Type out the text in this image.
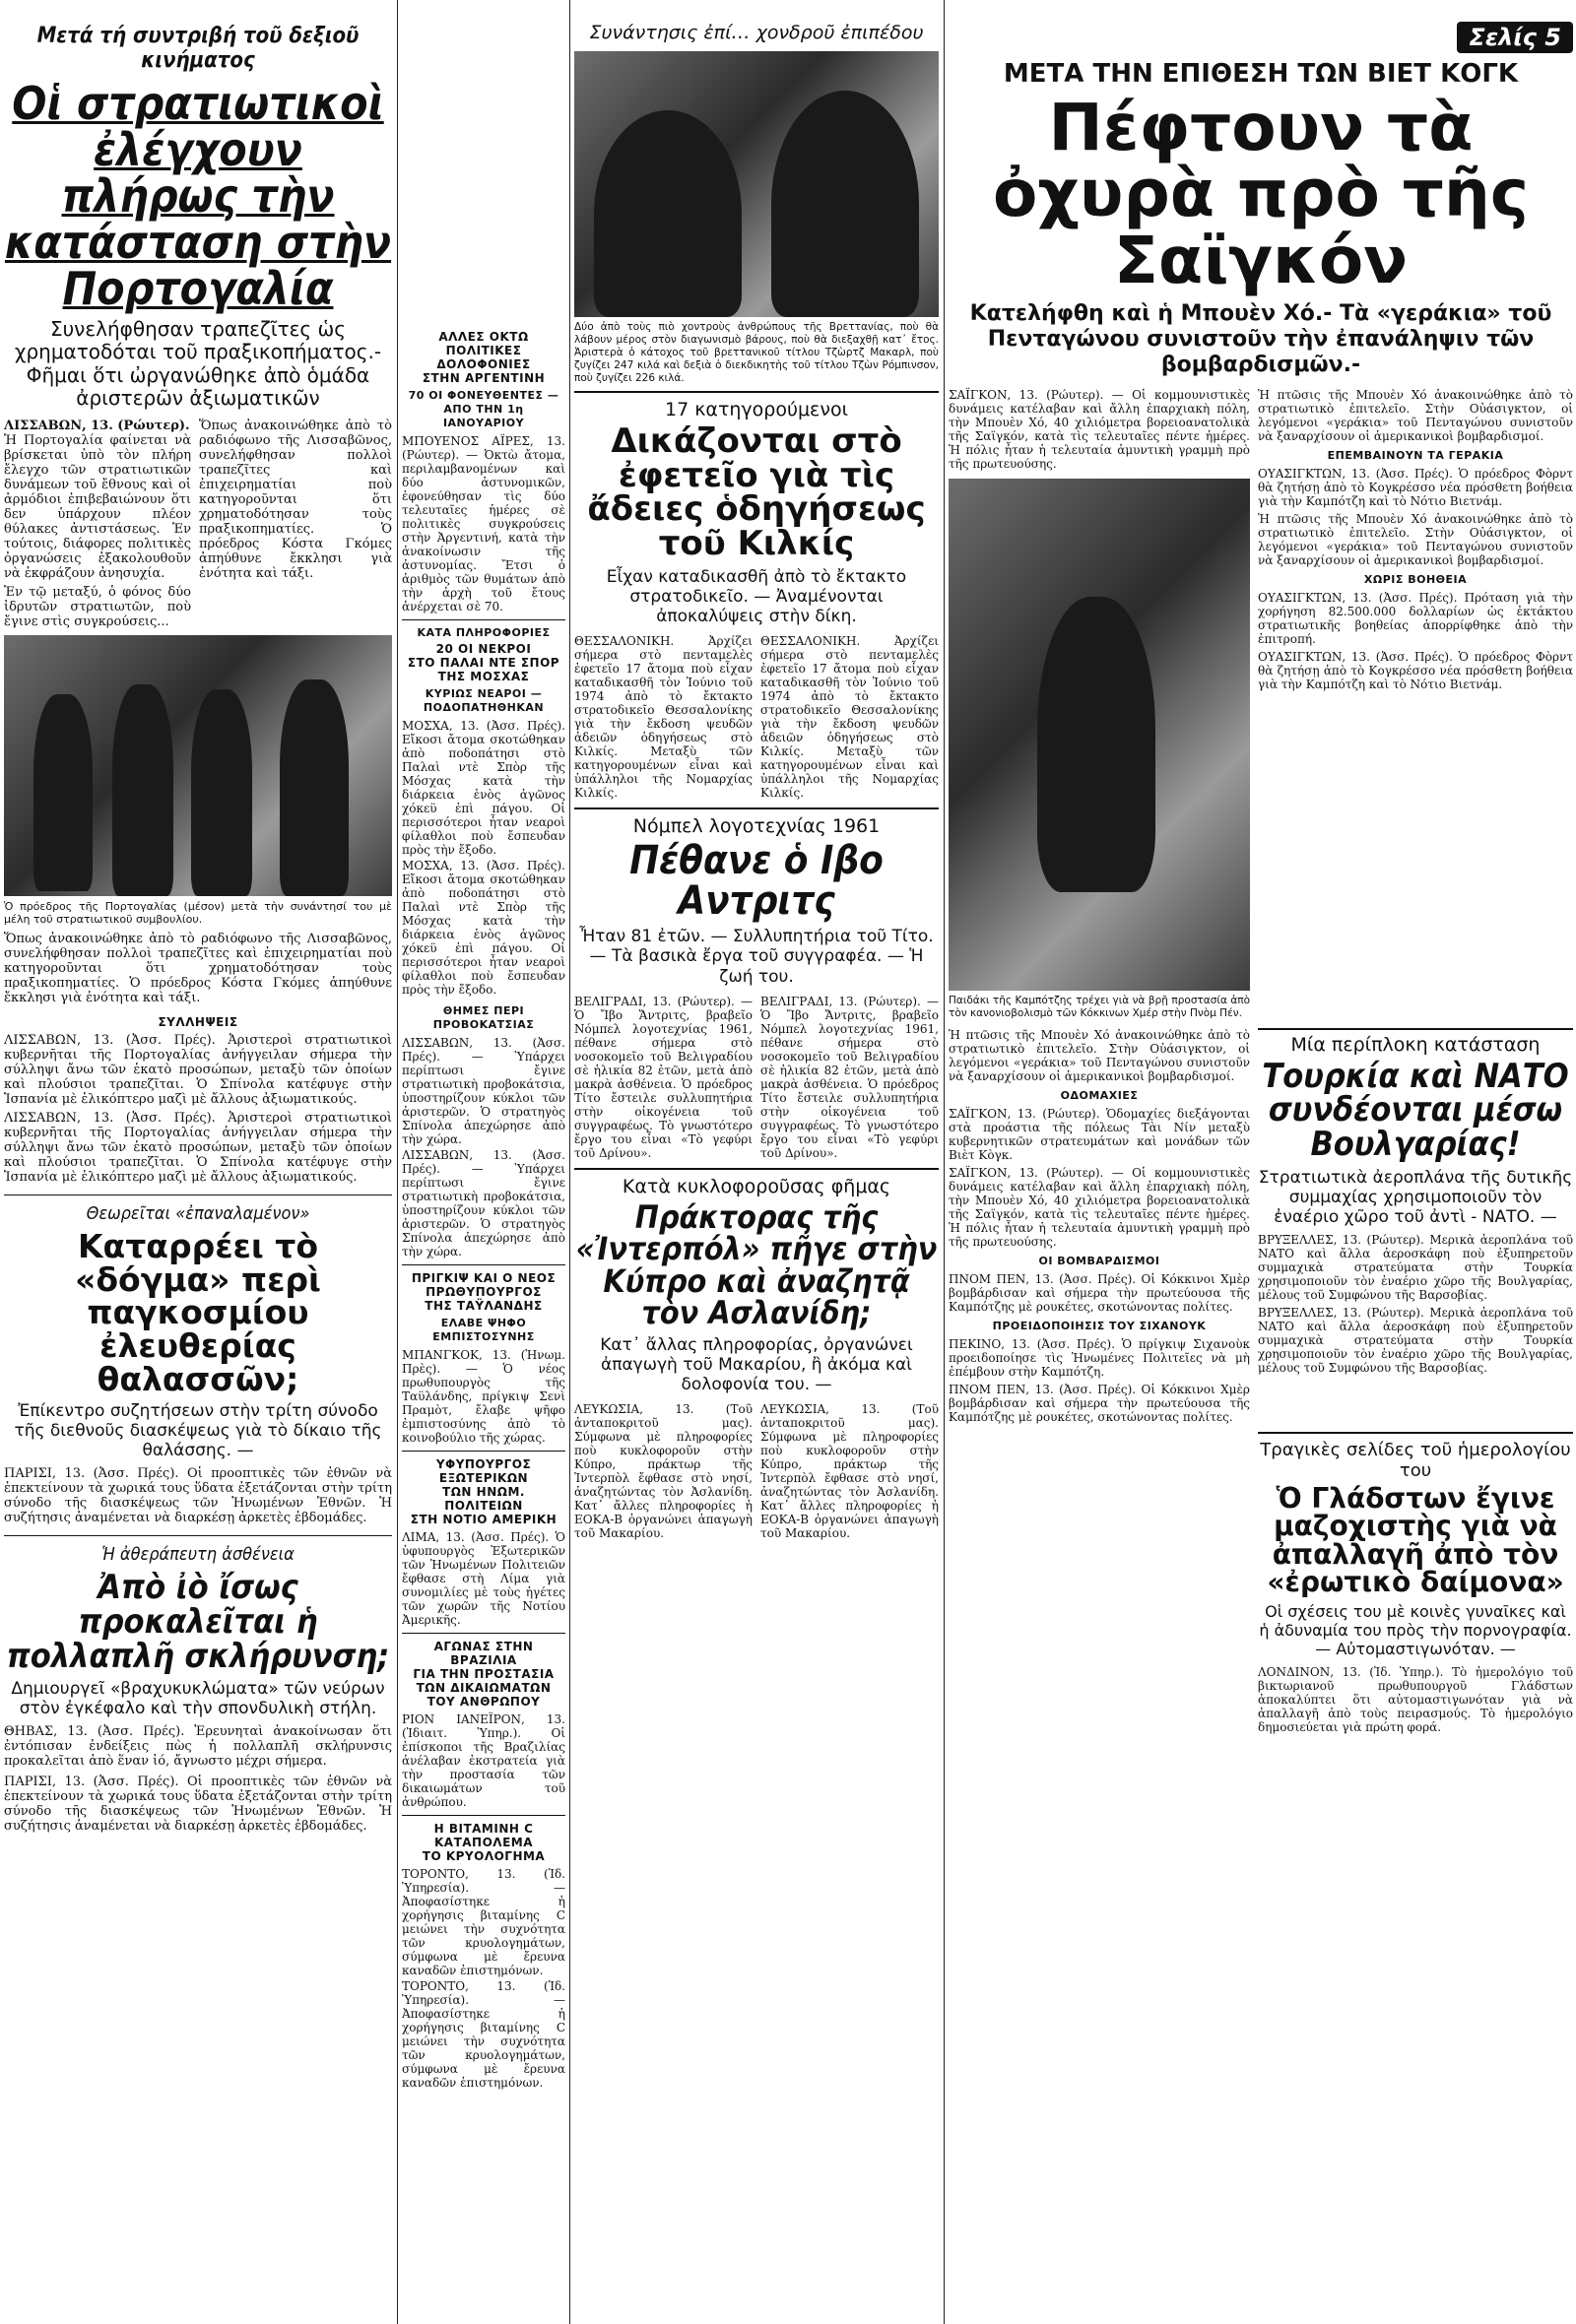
Μετά τή συντριβή τοῦ δεξιοῦ κινήματος
Οἱ στρατιωτικοὶ ἐλέγχουν πλήρως τὴν κατάσταση στὴν Πορτογαλία
Συνελήφθησαν τραπεζῖτες ὡς χρηματοδόται τοῦ πραξικοπήματος.- Φῆμαι ὅτι ὠργανώθηκε ἀπὸ ὁμάδα ἀριστερῶν ἀξιωματικῶν
ΛΙΣΣΑΒΩΝ, 13. (Ρώυτερ).
Ἡ Πορτογαλία φαίνεται νὰ βρίσκεται ὑπὸ τὸν πλήρη ἔλεγχο τῶν στρατιωτικῶν δυνάμεων τοῦ ἔθνους καὶ οἱ ἀρμόδιοι ἐπιβεβαιώνουν ὅτι δεν ὑπάρχουν πλέον θύλακες ἀντιστάσεως. Ἐν τούτοις, διάφορες πολιτικὲς ὀργανώσεις ἐξακολουθοῦν νὰ ἐκφράζουν ἀνησυχία.
Ἐν τῷ μεταξύ, ὁ φόνος δύο ἱδρυτῶν στρατιωτῶν, ποὺ ἔγινε στὶς συγκρούσεις...
Ὅπως ἀνακοινώθηκε ἀπὸ τὸ ραδιόφωνο τῆς Λισσαβῶνος, συνελήφθησαν πολλοὶ τραπεζῖτες καὶ ἐπιχειρηματίαι ποὺ κατηγοροῦνται ὅτι χρηματοδότησαν τοὺς πραξικοπηματίες. Ὁ πρόεδρος Κόστα Γκόμες ἀπηύθυνε ἔκκλησι γιὰ ἐνότητα καὶ τάξι.
Ὁ πρόεδρος τῆς Πορτογαλίας (μέσον) μετὰ τὴν συνάντησί του μὲ μέλη τοῦ στρατιωτικοῦ συμβουλίου.
Ὅπως ἀνακοινώθηκε ἀπὸ τὸ ραδιόφωνο τῆς Λισσαβῶνος, συνελήφθησαν πολλοὶ τραπεζῖτες καὶ ἐπιχειρηματίαι ποὺ κατηγοροῦνται ὅτι χρηματοδότησαν τοὺς πραξικοπηματίες. Ὁ πρόεδρος Κόστα Γκόμες ἀπηύθυνε ἔκκλησι γιὰ ἐνότητα καὶ τάξι.
ΣΥΛΛΗΨΕΙΣ
ΛΙΣΣΑΒΩΝ, 13. (Ἀσσ. Πρές). Ἀριστεροὶ στρατιωτικοὶ κυβερνῆται τῆς Πορτογαλίας ἀνήγγειλαν σήμερα τὴν σύλληψι ἄνω τῶν ἑκατὸ προσώπων, μεταξὺ τῶν ὁποίων καὶ πλούσιοι τραπεζῖται. Ὁ Σπίνολα κατέφυγε στὴν Ἱσπανία μὲ ἑλικόπτερο μαζὶ μὲ ἄλλους ἀξιωματικούς.
ΛΙΣΣΑΒΩΝ, 13. (Ἀσσ. Πρές). Ἀριστεροὶ στρατιωτικοὶ κυβερνῆται τῆς Πορτογαλίας ἀνήγγειλαν σήμερα τὴν σύλληψι ἄνω τῶν ἑκατὸ προσώπων, μεταξὺ τῶν ὁποίων καὶ πλούσιοι τραπεζῖται. Ὁ Σπίνολα κατέφυγε στὴν Ἱσπανία μὲ ἑλικόπτερο μαζὶ μὲ ἄλλους ἀξιωματικούς.
Θεωρεῖται «ἐπαναλαμένον»
Καταρρέει τὸ «δόγμα» περὶ παγκοσμίου ἐλευθερίας θαλασσῶν;
Ἐπίκεντρο συζητήσεων στὴν τρίτη σύνοδο τῆς διεθνοῦς διασκέψεως γιὰ τὸ δίκαιο τῆς θαλάσσης. —
ΠΑΡΙΣΙ, 13. (Ἀσσ. Πρές). Οἱ προοπτικὲς τῶν ἐθνῶν νὰ ἐπεκτείνουν τὰ χωρικά τους ὕδατα ἐξετάζονται στὴν τρίτη σύνοδο τῆς διασκέψεως τῶν Ἡνωμένων Ἐθνῶν. Ἡ συζήτησις ἀναμένεται νὰ διαρκέσῃ ἀρκετὲς ἑβδομάδες.
Ἡ ἀθεράπευτη ἀσθένεια
Ἀπὸ ἰὸ ἴσως προκαλεῖται ἡ πολλαπλῆ σκλήρυνση;
Δημιουργεῖ «βραχυκυκλώματα» τῶν νεύρων στὸν ἐγκέφαλο καὶ τὴν σπονδυλικὴ στήλη.
ΘΗΒΑΣ, 13. (Ἀσσ. Πρές). Ἐρευνηταὶ ἀνακοίνωσαν ὅτι ἐντόπισαν ἐνδείξεις πὼς ἡ πολλαπλῆ σκλήρυνσις προκαλεῖται ἀπὸ ἕναν ἰό, ἄγνωστο μέχρι σήμερα.
ΠΑΡΙΣΙ, 13. (Ἀσσ. Πρές). Οἱ προοπτικὲς τῶν ἐθνῶν νὰ ἐπεκτείνουν τὰ χωρικά τους ὕδατα ἐξετάζονται στὴν τρίτη σύνοδο τῆς διασκέψεως τῶν Ἡνωμένων Ἐθνῶν. Ἡ συζήτησις ἀναμένεται νὰ διαρκέσῃ ἀρκετὲς ἑβδομάδες.
ΑΛΛΕΣ ΟΚΤΩ
ΠΟΛΙΤΙΚΕΣ
ΔΟΛΟΦΟΝΙΕΣ
ΣΤΗΝ ΑΡΓΕΝΤΙΝΗ
70 ΟΙ ΦΟΝΕΥΘΕΝΤΕΣ — ΑΠΟ ΤΗΝ 1η ΙΑΝΟΥΑΡΙΟΥ
ΜΠΟΥΕΝΟΣ ΑΪΡΕΣ, 13. (Ρώυτερ). — Ὀκτὼ ἄτομα, περιλαμβανομένων καὶ δύο ἀστυνομικῶν, ἐφονεύθησαν τὶς δύο τελευταῖες ἡμέρες σὲ πολιτικὲς συγκρούσεις στὴν Ἀργεντινή, κατὰ τὴν ἀνακοίνωσιν τῆς ἀστυνομίας. Ἔτσι ὁ ἀριθμὸς τῶν θυμάτων ἀπὸ τὴν ἀρχὴ τοῦ ἔτους ἀνέρχεται σὲ 70.
ΚΑΤΑ ΠΛΗΡΟΦΟΡΙΕΣ
20 ΟΙ ΝΕΚΡΟΙ
ΣΤΟ ΠΑΛΑΙ ΝΤΕ ΣΠΟΡ
ΤΗΣ ΜΟΣΧΑΣ
ΚΥΡΙΩΣ ΝΕΑΡΟΙ — ΠΟΔΟΠΑΤΗΘΗΚΑΝ
ΜΟΣΧΑ, 13. (Ἀσσ. Πρές). Εἴκοσι ἄτομα σκοτώθηκαν ἀπὸ ποδοπάτησι στὸ Παλαὶ ντὲ Σπὸρ τῆς Μόσχας κατὰ τὴν διάρκεια ἑνὸς ἀγῶνος χόκεϋ ἐπὶ πάγου. Οἱ περισσότεροι ἦταν νεαροὶ φίλαθλοι ποὺ ἔσπευδαν πρὸς τὴν ἔξοδο.
ΜΟΣΧΑ, 13. (Ἀσσ. Πρές). Εἴκοσι ἄτομα σκοτώθηκαν ἀπὸ ποδοπάτησι στὸ Παλαὶ ντὲ Σπὸρ τῆς Μόσχας κατὰ τὴν διάρκεια ἑνὸς ἀγῶνος χόκεϋ ἐπὶ πάγου. Οἱ περισσότεροι ἦταν νεαροὶ φίλαθλοι ποὺ ἔσπευδαν πρὸς τὴν ἔξοδο.
ΘΗΜΕΣ ΠΕΡΙ ΠΡΟΒΟΚΑΤΣΙΑΣ
ΛΙΣΣΑΒΩΝ, 13. (Ἀσσ. Πρές). — Ὑπάρχει περίπτωσι ἔγινε στρατιωτικὴ προβοκάτσια, ὑποστηρίζουν κύκλοι τῶν ἀριστερῶν. Ὁ στρατηγὸς Σπίνολα ἀπεχώρησε ἀπὸ τὴν χώρα.
ΛΙΣΣΑΒΩΝ, 13. (Ἀσσ. Πρές). — Ὑπάρχει περίπτωσι ἔγινε στρατιωτικὴ προβοκάτσια, ὑποστηρίζουν κύκλοι τῶν ἀριστερῶν. Ὁ στρατηγὸς Σπίνολα ἀπεχώρησε ἀπὸ τὴν χώρα.
ΠΡΙΓΚΙΨ ΚΑΙ Ο ΝΕΟΣ
ΠΡΩΘΥΠΟΥΡΓΟΣ
ΤΗΣ ΤΑΫΛΑΝΔΗΣ
ΕΛΑΒΕ ΨΗΦΟ ΕΜΠΙΣΤΟΣΥΝΗΣ
ΜΠΑΝΓΚΟΚ, 13. (Ἡνωμ. Πρὲς). — Ὁ νέος πρωθυπουργὸς τῆς Ταϋλάνδης, πρίγκιψ Σενὶ Πραμὸτ, ἔλαβε ψῆφο ἐμπιστοσύνης ἀπὸ τὸ κοινοβούλιο τῆς χώρας.
ΥΦΥΠΟΥΡΓΟΣ
ΕΞΩΤΕΡΙΚΩΝ
ΤΩΝ ΗΝΩΜ. ΠΟΛΙΤΕΙΩΝ
ΣΤΗ ΝΟΤΙΟ ΑΜΕΡΙΚΗ
ΛΙΜΑ, 13. (Ἀσσ. Πρές). Ὁ ὑφυπουργὸς Ἐξωτερικῶν τῶν Ἡνωμένων Πολιτειῶν ἔφθασε στὴ Λίμα γιὰ συνομιλίες μὲ τοὺς ἡγέτες τῶν χωρῶν τῆς Νοτίου Ἀμερικῆς.
ΑΓΩΝΑΣ ΣΤΗΝ ΒΡΑΖΙΛΙΑ
ΓΙΑ ΤΗΝ ΠΡΟΣΤΑΣΙΑ
ΤΩΝ ΔΙΚΑΙΩΜΑΤΩΝ
ΤΟΥ ΑΝΘΡΩΠΟΥ
ΡΙΟΝ ΙΑΝΕΪΡΟΝ, 13. (Ἰδιαιτ. Ὑπηρ.). Οἱ ἐπίσκοποι τῆς Βραζιλίας ἀνέλαβαν ἐκστρατεία γιὰ τὴν προστασία τῶν δικαιωμάτων τοῦ ἀνθρώπου.
Η ΒΙΤΑΜΙΝΗ C
ΚΑΤΑΠΟΛΕΜΑ
ΤΟ ΚΡΥΟΛΟΓΗΜΑ
ΤΟΡΟΝΤΟ, 13. (Ἰδ. Ὑπηρεσία). — Ἀποφασίστηκε ἡ χορήγησις βιταμίνης C μειώνει τὴν συχνότητα τῶν κρυολογημάτων, σύμφωνα μὲ ἔρευνα καναδῶν ἐπιστημόνων.
ΤΟΡΟΝΤΟ, 13. (Ἰδ. Ὑπηρεσία). — Ἀποφασίστηκε ἡ χορήγησις βιταμίνης C μειώνει τὴν συχνότητα τῶν κρυολογημάτων, σύμφωνα μὲ ἔρευνα καναδῶν ἐπιστημόνων.
Συνάντησις ἐπί… χονδροῦ ἐπιπέδου
Δύο ἀπὸ τοὺς πιὸ χοντροὺς ἀνθρώπους τῆς Βρεττανίας, ποὺ θὰ λάβουν μέρος στὸν διαγωνισμὸ βάρους, ποὺ θὰ διεξαχθῇ κατ᾿ ἔτος. Ἀριστερὰ ὁ κάτοχος τοῦ βρεττανικοῦ τίτλου Τζὼρτζ Μακαρλ, ποὺ ζυγίζει 247 κιλά καὶ δεξιὰ ὁ διεκδικητὴς τοῦ τίτλου Τζὼν Ρόμπινσον, ποὺ ζυγίζει 226 κιλά.
17 κατηγορούμενοι
Δικάζονται στὸ ἐφετεῖο γιὰ τὶς ἄδειες ὁδηγήσεως τοῦ Κιλκίς
Εἶχαν καταδικασθῆ ἀπὸ τὸ ἔκτακτο στρατοδικεῖο. — Ἀναμένονται ἀποκαλύψεις στὴν δίκη.
ΘΕΣΣΑΛΟΝΙΚΗ. Ἀρχίζει σήμερα στὸ πενταμελὲς ἐφετεῖο 17 ἄτομα ποὺ εἶχαν καταδικασθῆ τὸν Ἰούνιο τοῦ 1974 ἀπὸ τὸ ἔκτακτο στρατοδικεῖο Θεσσαλονίκης γιὰ τὴν ἔκδοση ψευδῶν ἀδειῶν ὁδηγήσεως στὸ Κιλκίς. Μεταξὺ τῶν κατηγορουμένων εἶναι καὶ ὑπάλληλοι τῆς Νομαρχίας Κιλκίς.
ΘΕΣΣΑΛΟΝΙΚΗ. Ἀρχίζει σήμερα στὸ πενταμελὲς ἐφετεῖο 17 ἄτομα ποὺ εἶχαν καταδικασθῆ τὸν Ἰούνιο τοῦ 1974 ἀπὸ τὸ ἔκτακτο στρατοδικεῖο Θεσσαλονίκης γιὰ τὴν ἔκδοση ψευδῶν ἀδειῶν ὁδηγήσεως στὸ Κιλκίς. Μεταξὺ τῶν κατηγορουμένων εἶναι καὶ ὑπάλληλοι τῆς Νομαρχίας Κιλκίς.
Νόμπελ λογοτεχνίας 1961
Πέθανε ὁ Ιβο Αντριτς
Ἦταν 81 ἐτῶν. — Συλλυπητήρια τοῦ Τίτο. — Τὰ βασικὰ ἔργα τοῦ συγγραφέα. — Ἡ ζωή του.
ΒΕΛΙΓΡΑΔΙ, 13. (Ρώυτερ). — Ὁ Ἴβο Ἄντριτς, βραβεῖο Νόμπελ λογοτεχνίας 1961, πέθανε σήμερα στὸ νοσοκομεῖο τοῦ Βελιγραδίου σὲ ἡλικία 82 ἐτῶν, μετὰ ἀπὸ μακρὰ ἀσθένεια. Ὁ πρόεδρος Τίτο ἔστειλε συλλυπητήρια στὴν οἰκογένεια τοῦ συγγραφέως. Τὸ γνωστότερο ἔργο του εἶναι «Τὸ γεφύρι τοῦ Δρίνου».
ΒΕΛΙΓΡΑΔΙ, 13. (Ρώυτερ). — Ὁ Ἴβο Ἄντριτς, βραβεῖο Νόμπελ λογοτεχνίας 1961, πέθανε σήμερα στὸ νοσοκομεῖο τοῦ Βελιγραδίου σὲ ἡλικία 82 ἐτῶν, μετὰ ἀπὸ μακρὰ ἀσθένεια. Ὁ πρόεδρος Τίτο ἔστειλε συλλυπητήρια στὴν οἰκογένεια τοῦ συγγραφέως. Τὸ γνωστότερο ἔργο του εἶναι «Τὸ γεφύρι τοῦ Δρίνου».
Κατὰ κυκλοφοροῦσας φῆμας
Πράκτορας τῆς «Ἰντερπόλ» πῆγε στὴν Κύπρο καὶ ἀναζητᾷ τὸν Ασλανίδη;
Κατ᾿ ἄλλας πληροφορίας, ὀργανώνει ἀπαγωγὴ τοῦ Μακαρίου, ἢ ἀκόμα καὶ δολοφονία του. —
ΛΕΥΚΩΣΙΑ, 13. (Τοῦ ἀνταποκριτοῦ μας). Σύμφωνα μὲ πληροφορίες ποὺ κυκλοφοροῦν στὴν Κύπρο, πράκτωρ τῆς Ἰντερπὸλ ἔφθασε στὸ νησί, ἀναζητώντας τὸν Ἀσλανίδη. Κατ᾿ ἄλλες πληροφορίες ἡ ΕΟΚΑ-Β ὀργανώνει ἀπαγωγὴ τοῦ Μακαρίου.
ΛΕΥΚΩΣΙΑ, 13. (Τοῦ ἀνταποκριτοῦ μας). Σύμφωνα μὲ πληροφορίες ποὺ κυκλοφοροῦν στὴν Κύπρο, πράκτωρ τῆς Ἰντερπὸλ ἔφθασε στὸ νησί, ἀναζητώντας τὸν Ἀσλανίδη. Κατ᾿ ἄλλες πληροφορίες ἡ ΕΟΚΑ-Β ὀργανώνει ἀπαγωγὴ τοῦ Μακαρίου.
Σελίς 5
ΜΕΤΑ ΤΗΝ ΕΠΙΘΕΣΗ ΤΩΝ ΒΙΕΤ ΚΟΓΚ
Πέφτουν τὰ ὀχυρὰ πρὸ τῆς Σαϊγκόν
Κατελήφθη καὶ ἡ Μπουὲν Χό.- Τὰ «γεράκια» τοῦ Πενταγώνου συνιστοῦν τὴν ἐπανάληψιν τῶν βομβαρδισμῶν.-
ΣΑΪΓΚΟΝ, 13. (Ρώυτερ). — Οἱ κομμουνιστικὲς δυνάμεις κατέλαβαν καὶ ἄλλη ἐπαρχιακὴ πόλη, τὴν Μπουὲν Χό, 40 χιλιόμετρα βορειοανατολικὰ τῆς Σαϊγκόν, κατὰ τὶς τελευταῖες πέντε ἡμέρες. Ἡ πόλις ἦταν ἡ τελευταία ἀμυντικὴ γραμμὴ πρὸ τῆς πρωτευούσης.
Παιδάκι τῆς Καμπότζης τρέχει γιὰ νὰ βρῇ προστασία ἀπὸ τὸν κανονιοβολισμὸ τῶν Κόκκινων Χμέρ στὴν Πνὸμ Πέν.
Ἡ πτῶσις τῆς Μπουὲν Χό ἀνακοινώθηκε ἀπὸ τὸ στρατιωτικὸ ἐπιτελεῖο. Στὴν Οὐάσιγκτον, οἱ λεγόμενοι «γεράκια» τοῦ Πενταγώνου συνιστοῦν νὰ ξαναρχίσουν οἱ ἀμερικανικοὶ βομβαρδισμοί.
ΕΠΕΜΒΑΙΝΟΥΝ ΤΑ ΓΕΡΑΚΙΑ
ΟΥΑΣΙΓΚΤΩΝ, 13. (Ἀσσ. Πρές). Ὁ πρόεδρος Φὸρντ θὰ ζητήσῃ ἀπὸ τὸ Κογκρέσσο νέα πρόσθετη βοήθεια γιὰ τὴν Καμπότζη καὶ τὸ Νότιο Βιετνάμ.
Ἡ πτῶσις τῆς Μπουὲν Χό ἀνακοινώθηκε ἀπὸ τὸ στρατιωτικὸ ἐπιτελεῖο. Στὴν Οὐάσιγκτον, οἱ λεγόμενοι «γεράκια» τοῦ Πενταγώνου συνιστοῦν νὰ ξαναρχίσουν οἱ ἀμερικανικοὶ βομβαρδισμοί.
ΧΩΡΙΣ ΒΟΗΘΕΙΑ
ΟΥΑΣΙΓΚΤΩΝ, 13. (Ἀσσ. Πρές). Πρόταση γιὰ τὴν χορήγηση 82.500.000 δολλαρίων ὡς ἐκτάκτου στρατιωτικῆς βοηθείας ἀπορρίφθηκε ἀπὸ τὴν ἐπιτροπή.
ΟΥΑΣΙΓΚΤΩΝ, 13. (Ἀσσ. Πρές). Ὁ πρόεδρος Φὸρντ θὰ ζητήσῃ ἀπὸ τὸ Κογκρέσσο νέα πρόσθετη βοήθεια γιὰ τὴν Καμπότζη καὶ τὸ Νότιο Βιετνάμ.
Ἡ πτῶσις τῆς Μπουὲν Χό ἀνακοινώθηκε ἀπὸ τὸ στρατιωτικὸ ἐπιτελεῖο. Στὴν Οὐάσιγκτον, οἱ λεγόμενοι «γεράκια» τοῦ Πενταγώνου συνιστοῦν νὰ ξαναρχίσουν οἱ ἀμερικανικοὶ βομβαρδισμοί.
ΟΔΟΜΑΧΙΕΣ
ΣΑΪΓΚΟΝ, 13. (Ρώυτερ). Ὁδομαχίες διεξάγονται στὰ προάστια τῆς πόλεως Τὰι Νίν μεταξὺ κυβερνητικῶν στρατευμάτων καὶ μονάδων τῶν Βιὲτ Κὸγκ.
ΣΑΪΓΚΟΝ, 13. (Ρώυτερ). — Οἱ κομμουνιστικὲς δυνάμεις κατέλαβαν καὶ ἄλλη ἐπαρχιακὴ πόλη, τὴν Μπουὲν Χό, 40 χιλιόμετρα βορειοανατολικὰ τῆς Σαϊγκόν, κατὰ τὶς τελευταῖες πέντε ἡμέρες. Ἡ πόλις ἦταν ἡ τελευταία ἀμυντικὴ γραμμὴ πρὸ τῆς πρωτευούσης.
ΟΙ ΒΟΜΒΑΡΔΙΣΜΟΙ
ΠΝΟΜ ΠΕΝ, 13. (Ἀσσ. Πρές). Οἱ Κόκκινοι Χμὲρ βομβάρδισαν καὶ σήμερα τὴν πρωτεύουσα τῆς Καμπότζης μὲ ρουκέτες, σκοτώνοντας πολίτες.
ΠΡΟΕΙΔΟΠΟΙΗΣΙΣ ΤΟΥ ΣΙΧΑΝΟΥΚ
ΠΕΚΙΝΟ, 13. (Ἀσσ. Πρές). Ὁ πρίγκιψ Σιχανοὺκ προειδοποίησε τὶς Ἡνωμένες Πολιτεῖες νὰ μὴ ἐπέμβουν στὴν Καμπότζη.
ΠΝΟΜ ΠΕΝ, 13. (Ἀσσ. Πρές). Οἱ Κόκκινοι Χμὲρ βομβάρδισαν καὶ σήμερα τὴν πρωτεύουσα τῆς Καμπότζης μὲ ρουκέτες, σκοτώνοντας πολίτες.
Μία περίπλοκη κατάσταση
Τουρκία καὶ ΝΑΤΟ συνδέονται μέσω Βουλγαρίας!
Στρατιωτικὰ ἀεροπλάνα τῆς δυτικῆς συμμαχίας χρησιμοποιοῦν τὸν ἐναέριο χῶρο τοῦ ἀντὶ - ΝΑΤΟ. —
ΒΡΥΞΕΛΛΕΣ, 13. (Ρώυτερ). Μερικὰ ἀεροπλάνα τοῦ ΝΑΤΟ καὶ ἄλλα ἀεροσκάφη ποὺ ἐξυπηρετοῦν συμμαχικὰ στρατεύματα στὴν Τουρκία χρησιμοποιοῦν τὸν ἐναέριο χῶρο τῆς Βουλγαρίας, μέλους τοῦ Συμφώνου τῆς Βαρσοβίας.
ΒΡΥΞΕΛΛΕΣ, 13. (Ρώυτερ). Μερικὰ ἀεροπλάνα τοῦ ΝΑΤΟ καὶ ἄλλα ἀεροσκάφη ποὺ ἐξυπηρετοῦν συμμαχικὰ στρατεύματα στὴν Τουρκία χρησιμοποιοῦν τὸν ἐναέριο χῶρο τῆς Βουλγαρίας, μέλους τοῦ Συμφώνου τῆς Βαρσοβίας.
Τραγικὲς σελίδες τοῦ ἡμερολογίου του
Ὁ Γλάδστων ἔγινε μαζοχιστὴς γιὰ νὰ ἀπαλλαγῆ ἀπὸ τὸν «ἐρωτικὸ δαίμονα»
Οἱ σχέσεις του μὲ κοινὲς γυναῖκες καὶ ἡ ἀδυναμία του πρὸς τὴν πορνογραφία. — Αὐτομαστιγωνόταν. —
ΛΟΝΔΙΝΟΝ, 13. (Ἰδ. Ὑπηρ.). Τὸ ἡμερολόγιο τοῦ βικτωριανοῦ πρωθυπουργοῦ Γλάδστων ἀποκαλύπτει ὅτι αὐτομαστιγωνόταν γιὰ νὰ ἀπαλλαγῆ ἀπὸ τοὺς πειρασμούς. Τὸ ἡμερολόγιο δημοσιεύεται γιὰ πρώτη φορά.
